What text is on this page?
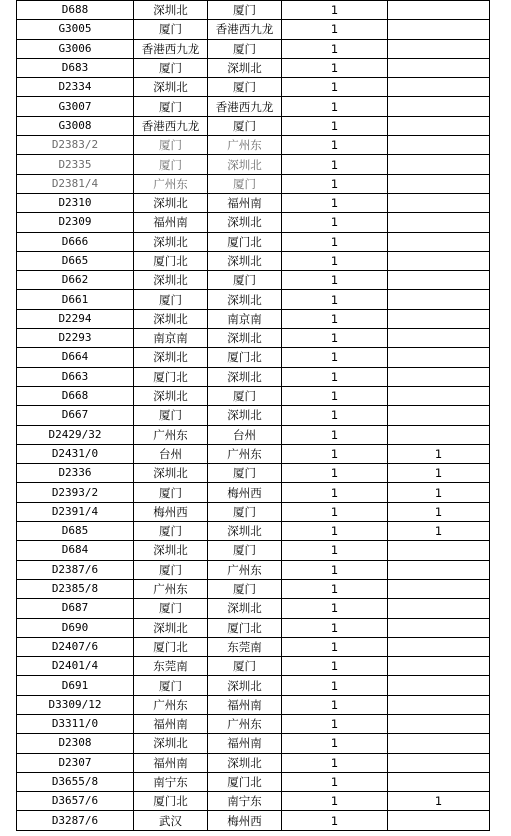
D688	深圳北	厦门	1	
G3005	厦门	香港西九龙	1	
G3006	香港西九龙	厦门	1	
D683	厦门	深圳北	1	
D2334	深圳北	厦门	1	
G3007	厦门	香港西九龙	1	
G3008	香港西九龙	厦门	1	
D2383/2	厦门	广州东	1	
D2335	厦门	深圳北	1	
D2381/4	广州东	厦门	1	
D2310	深圳北	福州南	1	
D2309	福州南	深圳北	1	
D666	深圳北	厦门北	1	
D665	厦门北	深圳北	1	
D662	深圳北	厦门	1	
D661	厦门	深圳北	1	
D2294	深圳北	南京南	1	
D2293	南京南	深圳北	1	
D664	深圳北	厦门北	1	
D663	厦门北	深圳北	1	
D668	深圳北	厦门	1	
D667	厦门	深圳北	1	
D2429/32	广州东	台州	1	
D2431/0	台州	广州东	1	1
D2336	深圳北	厦门	1	1
D2393/2	厦门	梅州西	1	1
D2391/4	梅州西	厦门	1	1
D685	厦门	深圳北	1	1
D684	深圳北	厦门	1	
D2387/6	厦门	广州东	1	
D2385/8	广州东	厦门	1	
D687	厦门	深圳北	1	
D690	深圳北	厦门北	1	
D2407/6	厦门北	东莞南	1	
D2401/4	东莞南	厦门	1	
D691	厦门	深圳北	1	
D3309/12	广州东	福州南	1	
D3311/0	福州南	广州东	1	
D2308	深圳北	福州南	1	
D2307	福州南	深圳北	1	
D3655/8	南宁东	厦门北	1	
D3657/6	厦门北	南宁东	1	1
D3287/6	武汉	梅州西	1	
